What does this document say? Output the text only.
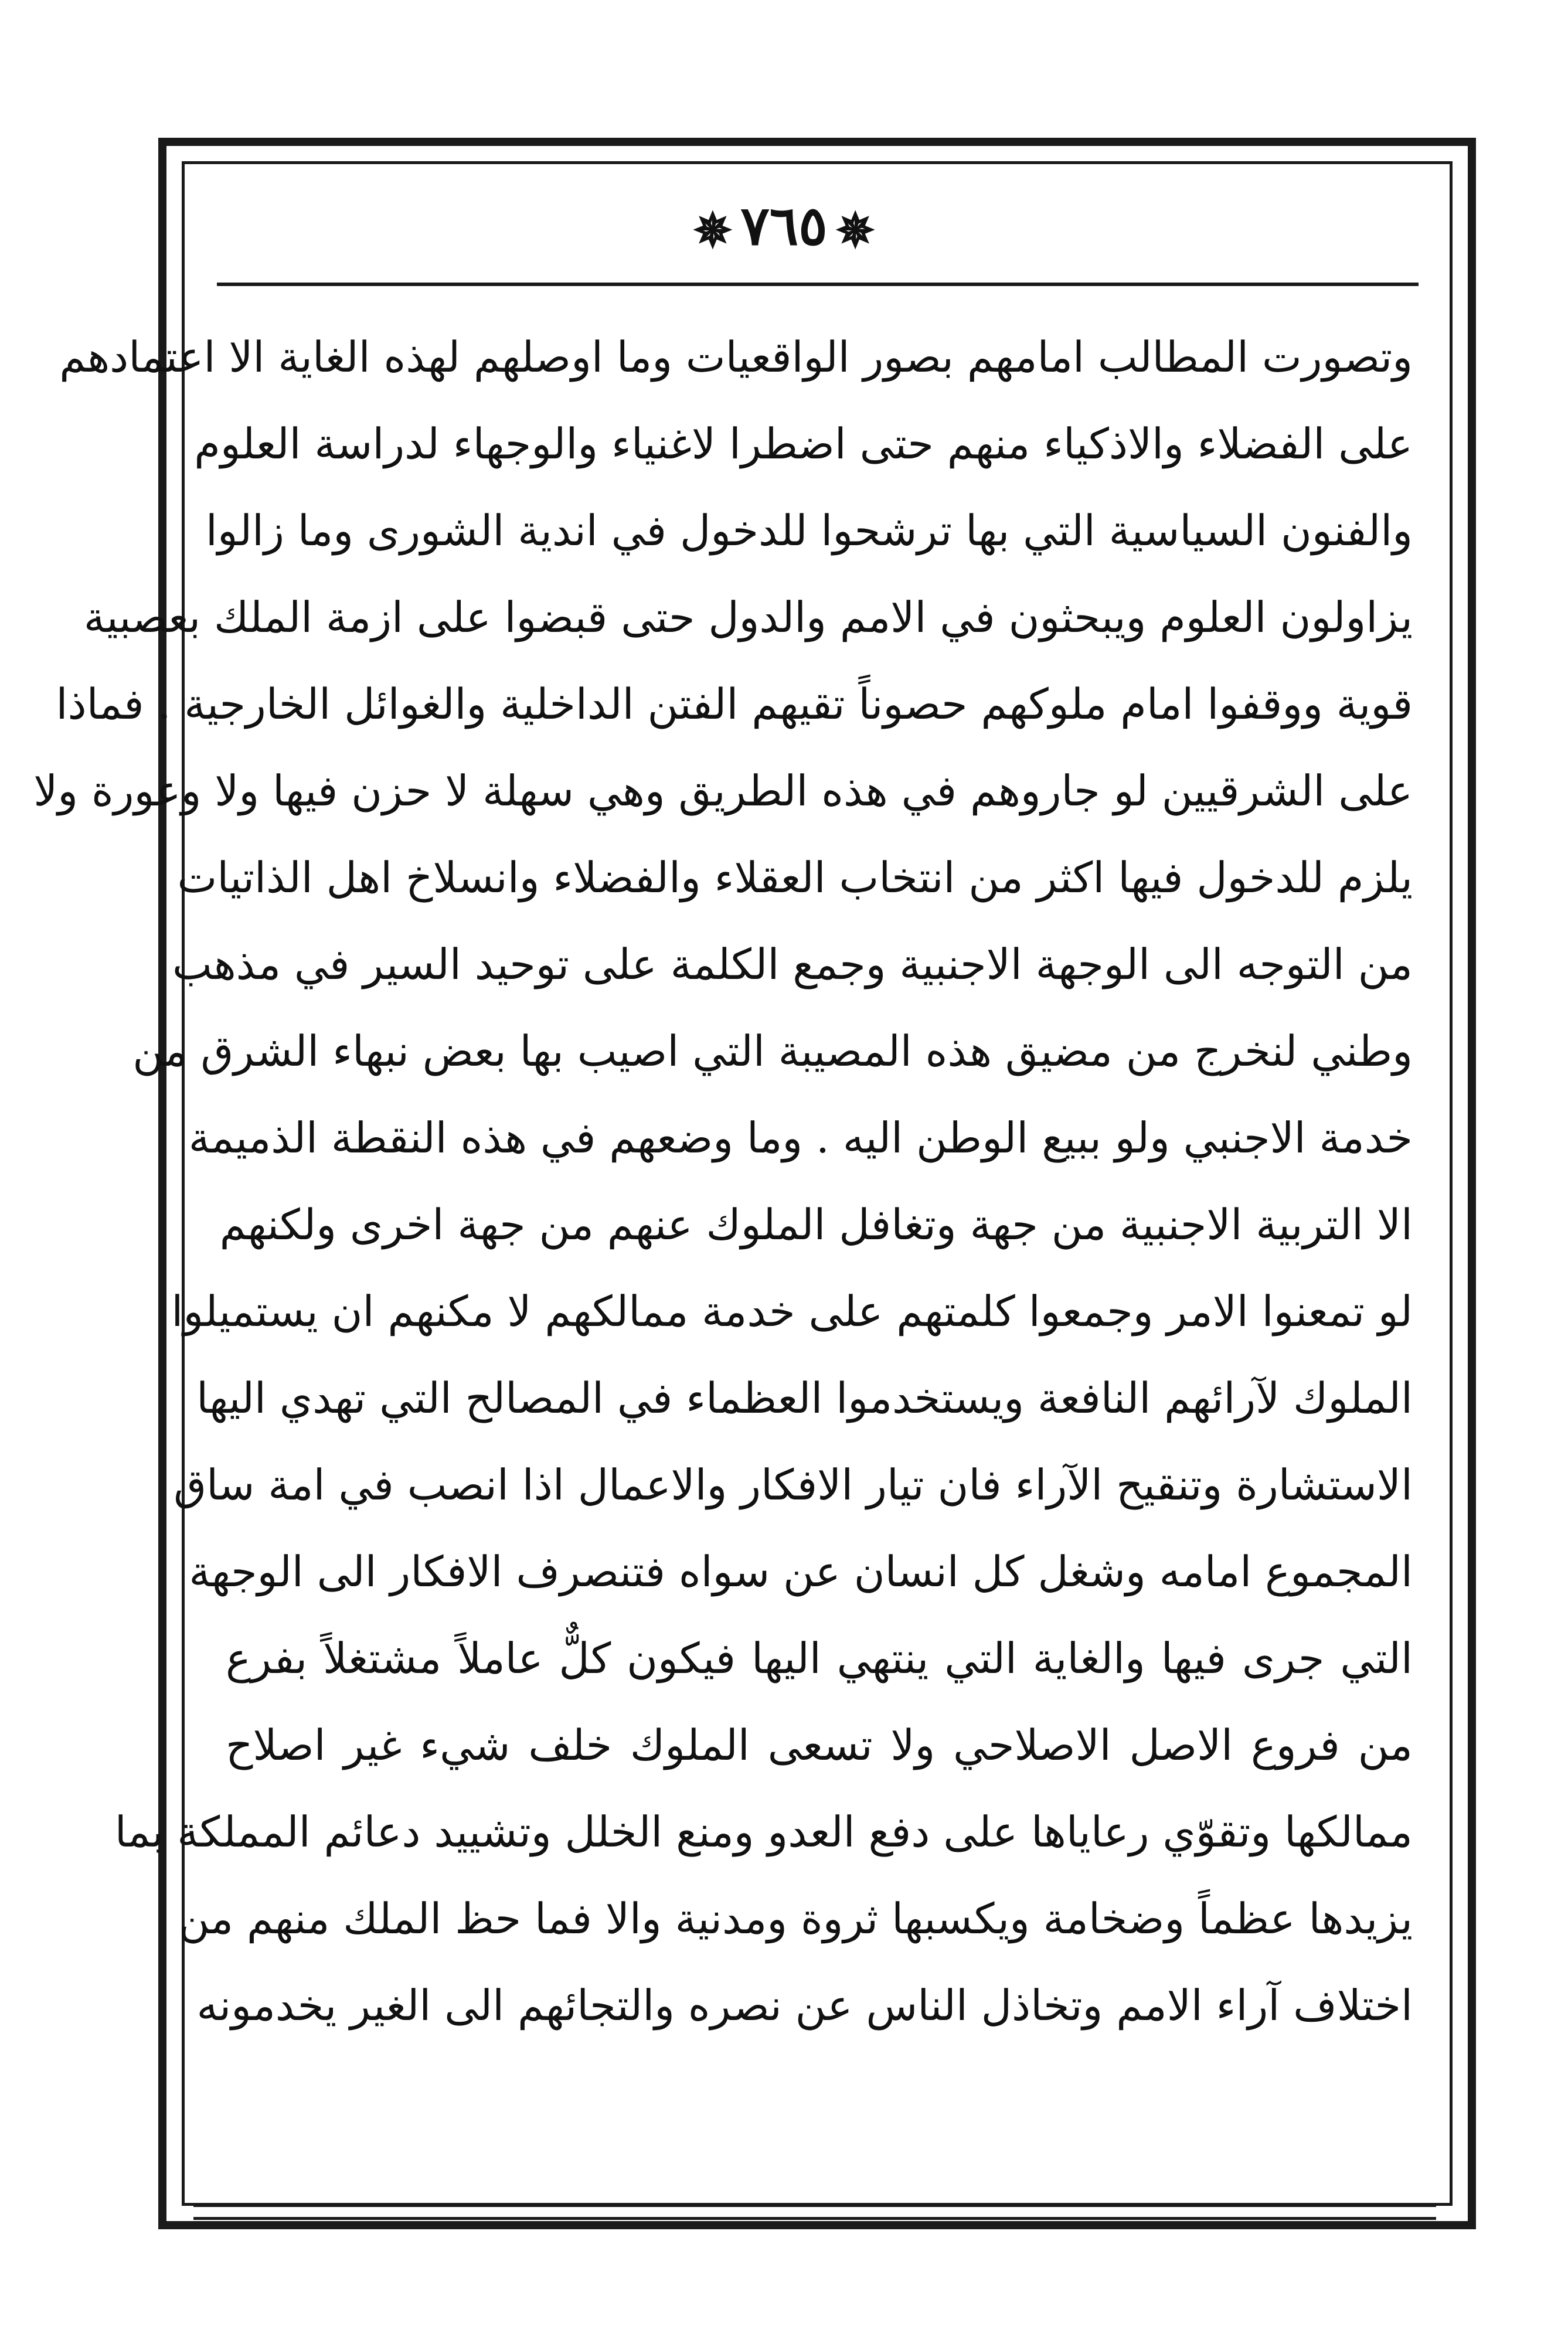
✵٧٦٥✵
وتصورت المطالب امامهم بصور الواقعيات وما اوصلهم لهذه الغاية الا اعتمادهم
على الفضلاء والاذكياء منهم حتى اضطرا لاغنياء والوجهاء لدراسة العلوم
والفنون السياسية التي بها ترشحوا للدخول في اندية الشورى وما زالوا
يزاولون العلوم ويبحثون في الامم والدول حتى قبضوا على ازمة الملك بعصبية
قوية ووقفوا امام ملوكهم حصوناً تقيهم الفتن الداخلية والغوائل الخارجية . فماذا
على الشرقيين لو جاروهم في هذه الطريق وهي سهلة لا حزن فيها ولا وعورة ولا
يلزم للدخول فيها اكثر من انتخاب العقلاء والفضلاء وانسلاخ اهل الذاتيات
من التوجه الى الوجهة الاجنبية وجمع الكلمة على توحيد السير في مذهب
وطني لنخرج من مضيق هذه المصيبة التي اصيب بها بعض نبهاء الشرق من
خدمة الاجنبي ولو ببيع الوطن اليه . وما وضعهم في هذه النقطة الذميمة
الا التربية الاجنبية من جهة وتغافل الملوك عنهم من جهة اخرى ولكنهم
لو تمعنوا الامر وجمعوا كلمتهم على خدمة ممالكهم لا مكنهم ان يستميلوا
الملوك لآرائهم النافعة ويستخدموا العظماء في المصالح التي تهدي اليها
الاستشارة وتنقيح الآراء فان تيار الافكار والاعمال اذا انصب في امة ساق
المجموع امامه وشغل كل انسان عن سواه فتنصرف الافكار الى الوجهة
التي جرى فيها والغاية التي ينتهي اليها فيكون كلٌّ عاملاً مشتغلاً بفرع
من فروع الاصل الاصلاحي ولا تسعى الملوك خلف شيء غير اصلاح
ممالكها وتقوّي رعاياها على دفع العدو ومنع الخلل وتشييد دعائم المملكة بما
يزيدها عظماً وضخامة ويكسبها ثروة ومدنية والا فما حظ الملك منهم من
اختلاف آراء الامم وتخاذل الناس عن نصره والتجائهم الى الغير يخدمونه
